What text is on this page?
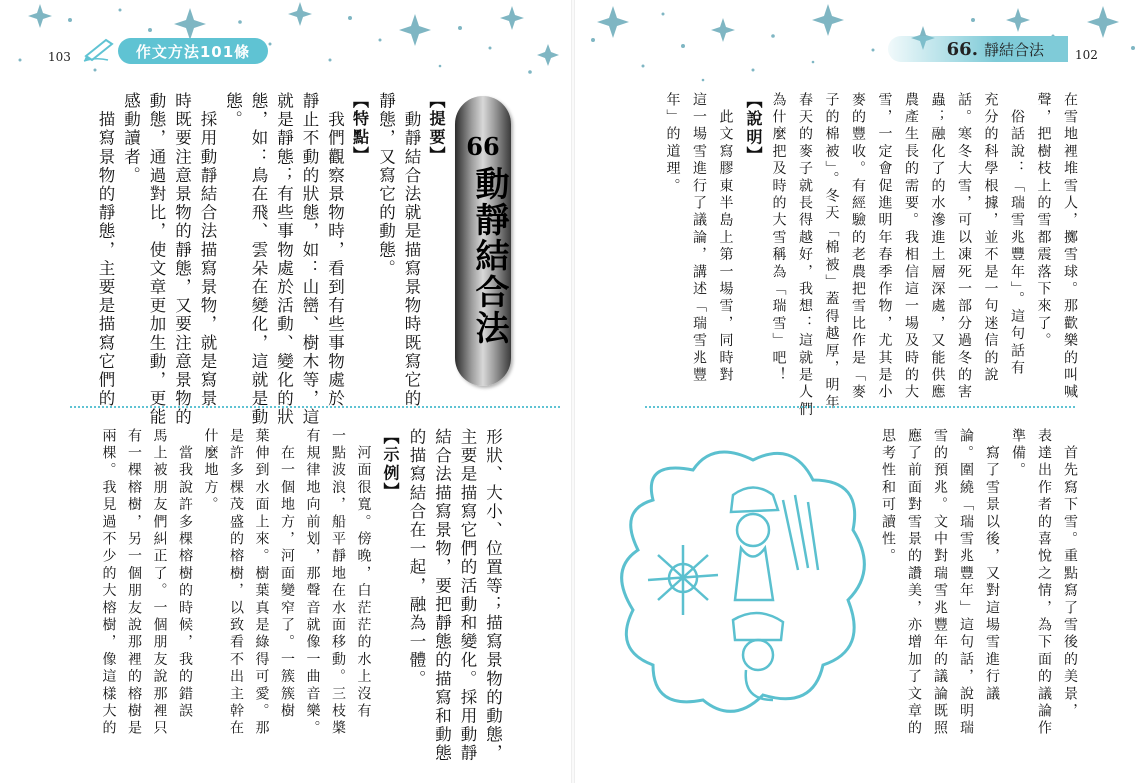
103	作文方法101條
66
動靜結合法
【提要】
　動靜結合法就是描寫景物時既寫它的
靜態，又寫它的動態。
【特點】
　我們觀察景物時，看到有些事物處於
靜止不動的狀態，如：山巒、樹木等，這
就是靜態；有些事物處於活動、變化的狀
態，如：鳥在飛、雲朵在變化，這就是動
態。
　採用動靜結合法描寫景物，就是寫景
時既要注意景物的靜態，又要注意景物的
動態，通過對比，使文章更加生動，更能
感動讀者。
　描寫景物的靜態，主要是描寫它們的
形狀、大小、位置等；描寫景物的動態，
主要是描寫它們的活動和變化。採用動靜
結合法描寫景物，要把靜態的描寫和動態
的描寫結合在一起，融為一體。
【示例】
　河面很寬。傍晚，白茫茫的水上沒有
一點波浪，船平靜地在水面移動。三枝槳
有規律地向前划，那聲音就像一曲音樂。
　在一個地方，河面變窄了。一簇簇樹
葉伸到水面上來。樹葉真是綠得可愛。那
是許多棵茂盛的榕樹，以致看不出主幹在
什麼地方。
　當我說許多棵榕樹的時候，我的錯誤
馬上被朋友們糾正了。一個朋友說那裡只
有一棵榕樹，另一個朋友說那裡的榕樹是
兩棵。我見過不少的大榕樹，像這樣大的
66. 靜結合法	102
在雪地裡堆雪人，擲雪球。那歡樂的叫喊
聲，把樹枝上的雪都震落下來了。
　俗話說：「瑞雪兆豐年」。這句話有
充分的科學根據，並不是一句迷信的說
話。寒冬大雪，可以凍死一部分過冬的害
蟲；融化了的水滲進土層深處，又能供應
農產生長的需要。我相信這一場及時的大
雪，一定會促進明年春季作物，尤其是小
麥的豐收。有經驗的老農把雪比作是「麥
子的棉被」。冬天「棉被」蓋得越厚，明年
春天的麥子就長得越好，我想：這就是人們
為什麼把及時的大雪稱為「瑞雪」吧！
【說明】
　此文寫膠東半島上第一場雪，同時對
這一場雪進行了議論，講述「瑞雪兆豐
年」的道理。
　首先寫下雪。重點寫了雪後的美景，
表達出作者的喜悅之情，為下面的議論作
準備。
　寫了雪景以後，又對這場雪進行議
論。圍繞「瑞雪兆豐年」這句話，說明瑞
雪的預兆。文中對瑞雪兆豐年的議論既照
應了前面對雪景的讚美，亦增加了文章的
思考性和可讀性。
